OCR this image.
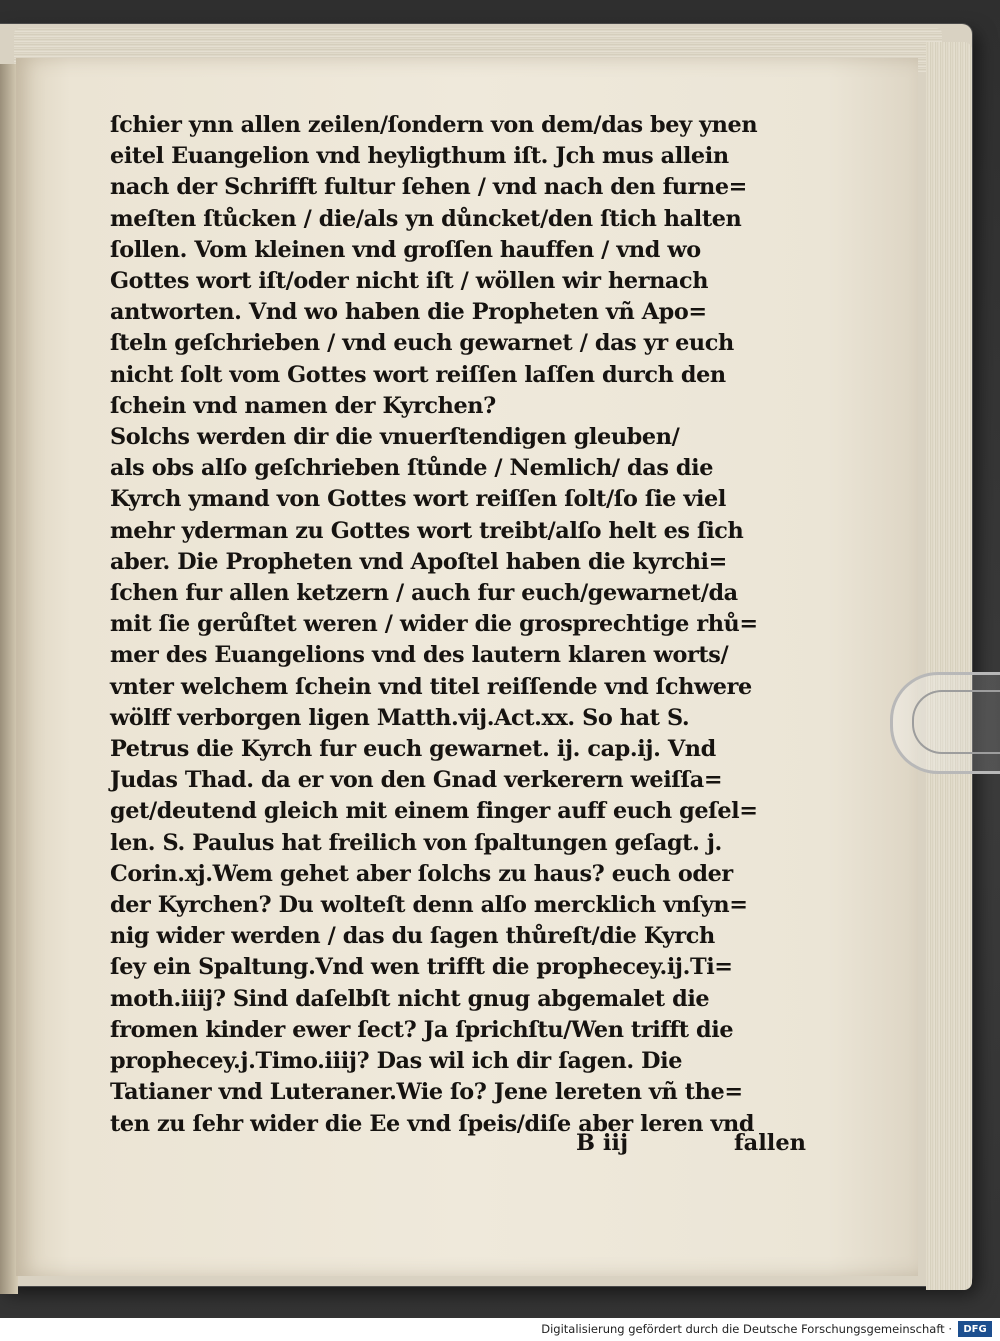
ſchier ynn allen zeilen/ſondern von dem/das bey ynen
eitel Euangelion vnd heyligthum iſt. Jch mus allein
nach der Schrifft fultur ſehen / vnd nach den furne=
meſten ſtůcken / die/als yn důncket/den ſtich halten
ſollen. Vom kleinen vnd groſſen hauffen / vnd wo
Gottes wort iſt/oder nicht iſt / wöllen wir hernach
antworten. Vnd wo haben die Propheten vñ Apo=
ſteln geſchrieben / vnd euch gewarnet / das yr euch
nicht ſolt vom Gottes wort reiſſen laſſen durch den
ſchein vnd namen der Kyrchen?
Solchs werden dir die vnuerſtendigen gleuben/
als obs alſo geſchrieben ſtůnde / Nemlich/ das die
Kyrch ymand von Gottes wort reiſſen ſolt/ſo ſie viel
mehr yderman zu Gottes wort treibt/alſo helt es ſich
aber. Die Propheten vnd Apoſtel haben die kyrchi=
ſchen fur allen ketzern / auch fur euch/gewarnet/da
mit ſie gerůſtet weren / wider die grosprechtige rhů=
mer des Euangelions vnd des lautern klaren worts/
vnter welchem ſchein vnd titel reiſſende vnd ſchwere
wölff verborgen ligen Matth.vij.Act.xx. So hat S.
Petrus die Kyrch fur euch gewarnet. ij. cap.ij. Vnd
Judas Thad. da er von den Gnad verkerern weiſſa=
get/deutend gleich mit einem finger auff euch geſel=
len. S. Paulus hat freilich von ſpaltungen geſagt. j.
Corin.xj.Wem gehet aber ſolchs zu haus? euch oder
der Kyrchen? Du wolteſt denn alſo mercklich vnſyn=
nig wider werden / das du ſagen thůreſt/die Kyrch
ſey ein Spaltung.Vnd wen trifft die prophecey.ij.Ti=
moth.iiij? Sind daſelbſt nicht gnug abgemalet die
fromen kinder ewer ſect? Ja ſprichſtu/Wen trifft die
prophecey.j.Timo.iiij? Das wil ich dir ſagen. Die
Tatianer vnd Luteraner.Wie ſo? Jene lereten vñ the=
ten zu ſehr wider die Ee vnd ſpeis/diſe aber leren vnd
B iij	fallen
Digitalisierung gefördert durch die Deutsche Forschungsgemeinschaft ·	DFG
